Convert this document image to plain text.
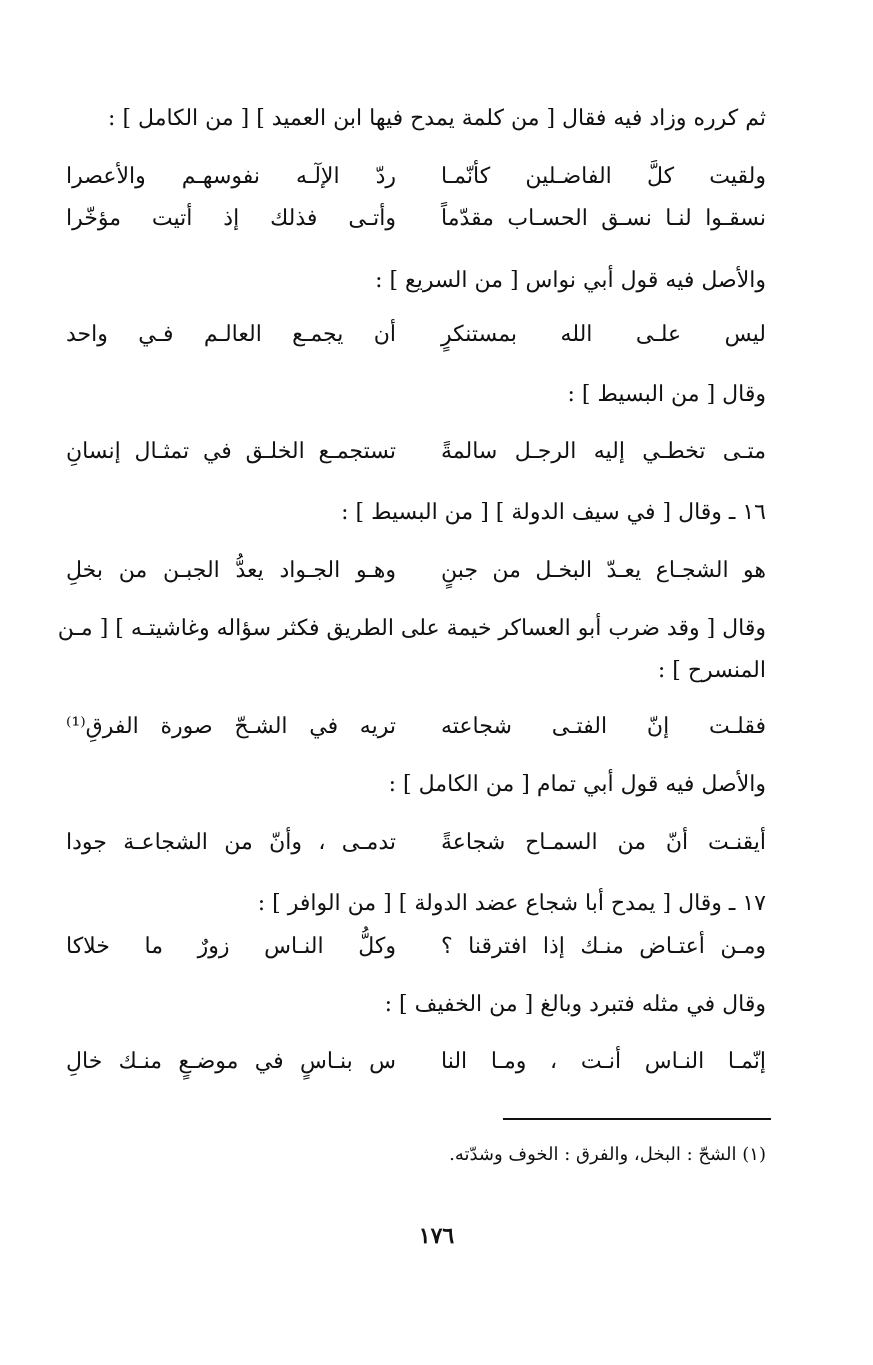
ثم كرره وزاد فيه فقال [ من كلمة يمدح فيها ابن العميد ] [ من الكامل ] :
ولقيت كلَّ الفاضـلين كأنّمـا
ردّ الإلٓـه نفوسهـم والأعصرا
نسقـوا لنـا نسـق الحسـاب مقدّماً
وأتـى فذلك إذ أتيت مؤخّرا
والأصل فيه قول أبي نواس [ من السريع ] :
ليس علـى الله بمستنكرٍ
أن يجمـع العالـم فـي واحد
وقال [ من البسيط ] :
متـى تخطـي إليه الرجـل سالمةً
تستجمـع الخلـق في تمثـال إنسانِ
١٦ ـ وقال [ في سيف الدولة ] [ من البسيط ] :
هو الشجـاع يعـدّ البخـل من جبنٍ
وهـو الجـواد يعدُّ الجبـن من بخلِ
وقال [ وقد ضرب أبو العساكر خيمة على الطريق فكثر سؤاله وغاشيتـه ] [ مـن
المنسرح ] :
فقلـت إنّ الفتـى شجاعته
تريه في الشـحّ صورة الفرقِ⁽¹⁾
والأصل فيه قول أبي تمام [ من الكامل ] :
أيقنـت أنّ من السمـاح شجاعةً
تدمـى ، وأنّ من الشجاعـة جودا
١٧ ـ وقال [ يمدح أبا شجاع عضد الدولة ] [ من الوافر ] :
ومـن أعتـاض منـك إذا افترقنا ؟
وكلُّ النـاس زورٌ ما خلاكا
وقال في مثله فتبرد وبالغ [ من الخفيف ] :
إنّمـا النـاس أنـت ، ومـا النا
س بنـاسٍ في موضـعٍ منـك خالِ
(١) الشحّ : البخل، والفرق : الخوف وشدّته.
١٧٦
